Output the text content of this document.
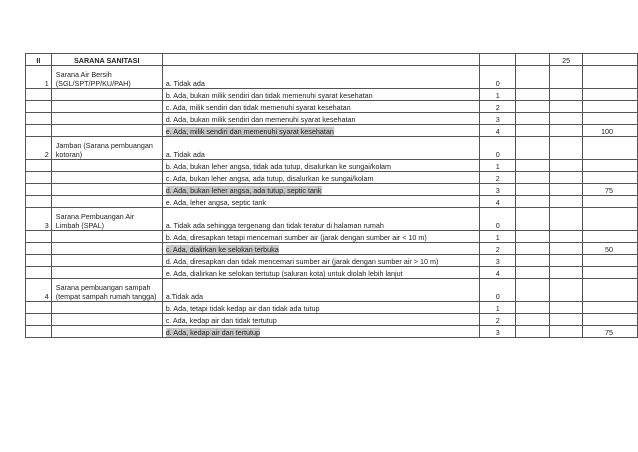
II	SARANA SANITASI				25	
1	Sarana Air Bersih (SGL/SPT/PP/KU/PAH)	a. Tidak ada	0			
		b. Ada, bukan milik sendiri dan tidak memenuhi syarat kesehatan	1			
		c. Ada, milik sendiri dan tidak memenuhi syarat kesehatan	2			
		d. Ada, bukan milik sendiri dan memenuhi syarat kesehatan	3			
		e. Ada, milik sendiri dan memenuhi syarat kesehatan	4			100
2	Jamban (Sarana pembuangan kotoran)	a. Tidak ada	0			
		b. Ada, bukan leher angsa, tidak ada tutup, disalurkan ke sungai/kolam	1			
		c. Ada, bukan leher angsa, ada tutup, disalurkan ke sungai/kolam	2			
		d. Ada, bukan leher angsa, ada tutup, septic tank	3			75
		e. Ada, leher angsa, septic tank	4			
3	Sarana Pembuangan Air Limbah (SPAL)	a. Tidak ada sehingga tergenang dan tidak teratur di halaman rumah	0			
		b. Ada, diresapkan tetapi mencemari sumber air (jarak dengan sumber air < 10 m)	1			
		c. Ada, dialirkan ke selokan terbuka	2			50
		d. Ada, diresapkan dan tidak mencemari sumber air (jarak dengan sumber air > 10 m)	3			
		e. Ada, dialirkan ke selokan tertutup (saluran kota) untuk diolah lebih lanjut	4			
4	Sarana pembuangan sampah (tempat sampah rumah tangga)	a.Tidak ada	0			
		b. Ada, tetapi tidak kedap air dan tidak ada tutup	1			
		c. Ada, kedap air dan tidak tertutup	2			
		d. Ada, kedap air dan tertutup	3			75
